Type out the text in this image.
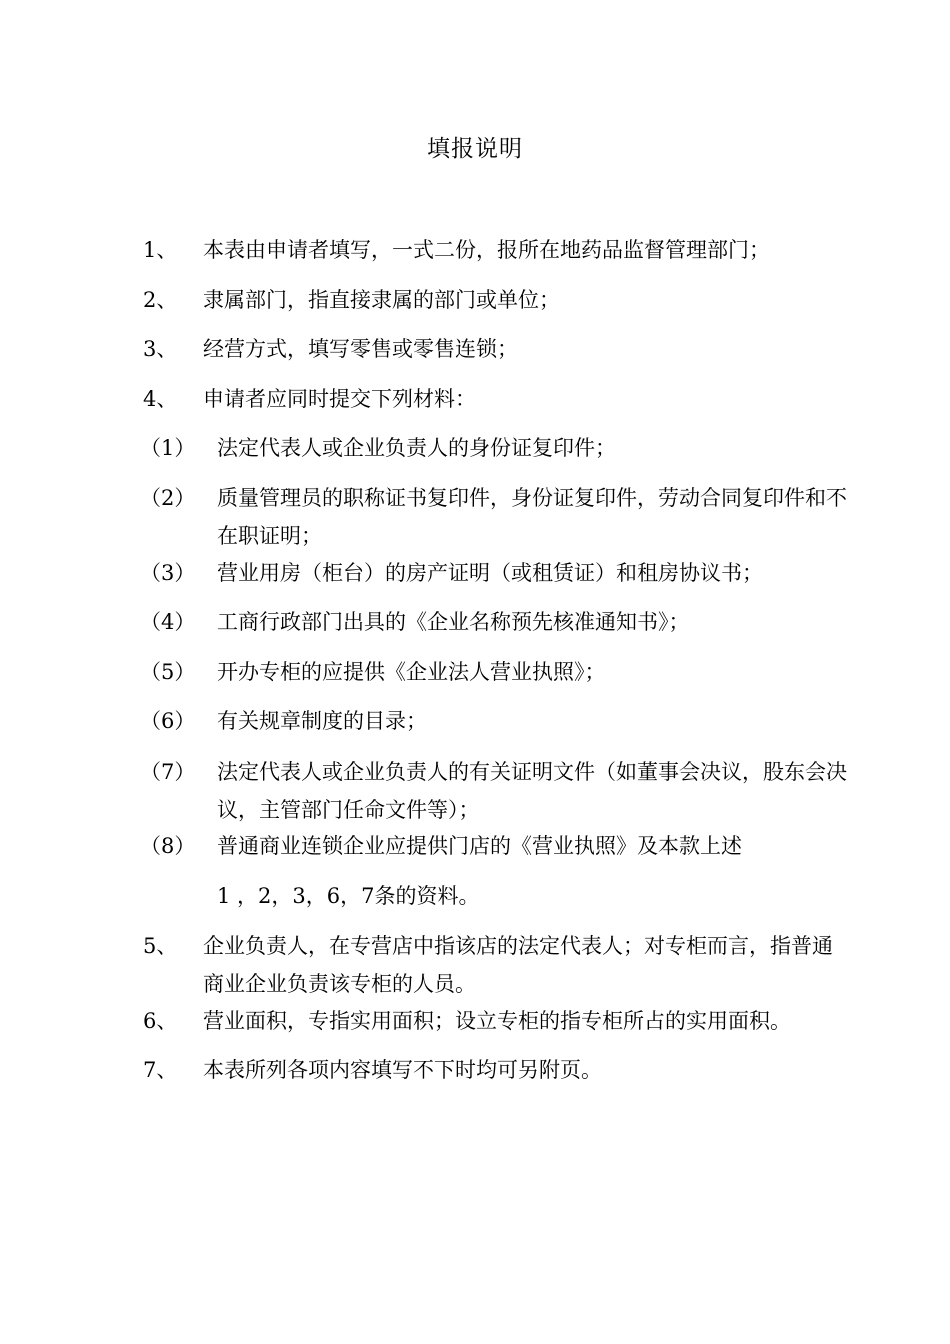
填报说明
1、 本表由申请者填写，一式二份，报所在地药品监督管理部门；
2、 隶属部门，指直接隶属的部门或单位；
3、 经营方式，填写零售或零售连锁；
4、 申请者应同时提交下列材料：
（1） 法定代表人或企业负责人的身份证复印件；
（2） 质量管理员的职称证书复印件，身份证复印件，劳动合同复印件和不在职证明；
（3） 营业用房（柜台）的房产证明（或租赁证）和租房协议书；
（4） 工商行政部门出具的《企业名称预先核准通知书》；
（5） 开办专柜的应提供《企业法人营业执照》；
（6） 有关规章制度的目录；
（7） 法定代表人或企业负责人的有关证明文件（如董事会决议，股东会决议，主管部门任命文件等）；
（8） 普通商业连锁企业应提供门店的《营业执照》及本款上述
1 ，2，3，6，7条的资料。
5、 企业负责人，在专营店中指该店的法定代表人；对专柜而言，指普通商业企业负责该专柜的人员。
6、 营业面积，专指实用面积；设立专柜的指专柜所占的实用面积。
7、 本表所列各项内容填写不下时均可另附页。
